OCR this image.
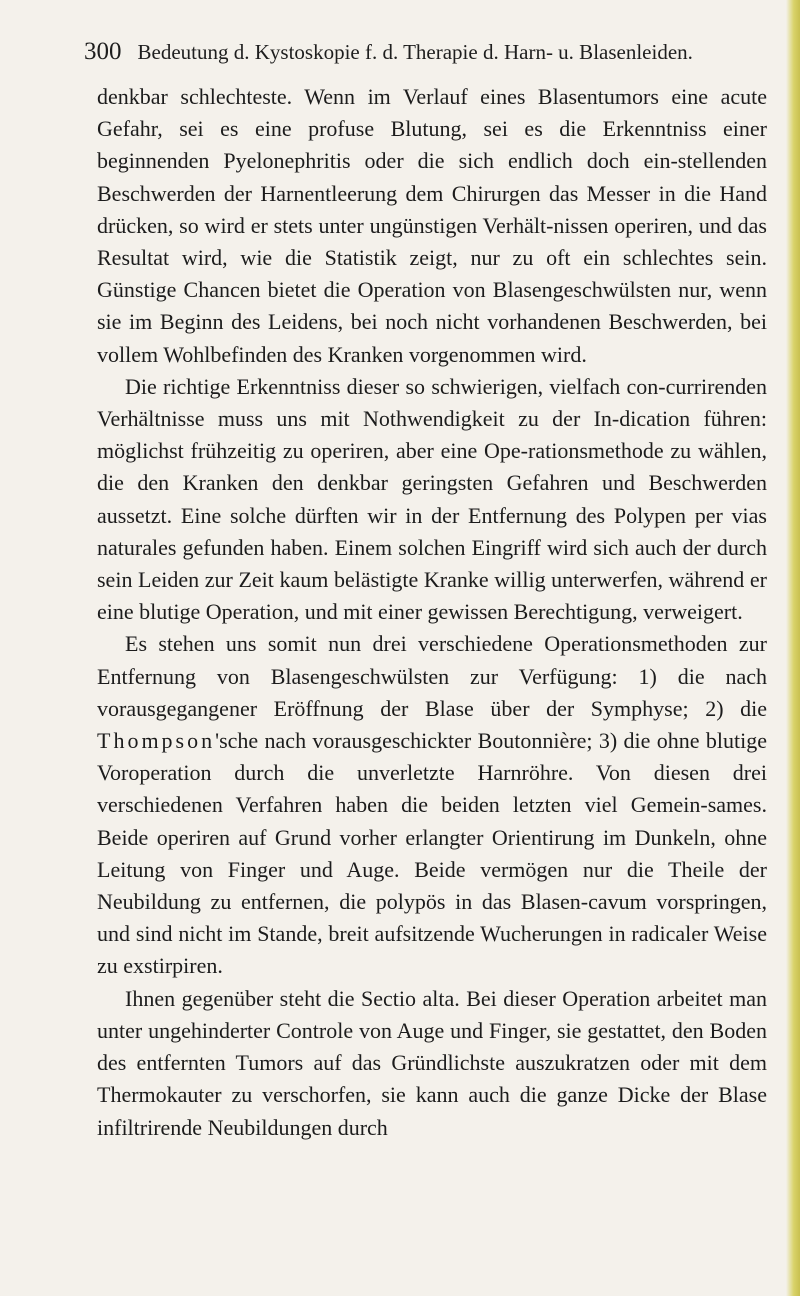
300 Bedeutung d. Kystoskopie f. d. Therapie d. Harn- u. Blasenleiden.

denkbar schlechteste. Wenn im Verlauf eines Blasentumors eine acute Gefahr, sei es eine profuse Blutung, sei es die Erkenntniss einer beginnenden Pyelonephritis oder die sich endlich doch ein-stellenden Beschwerden der Harnentleerung dem Chirurgen das Messer in die Hand drücken, so wird er stets unter ungünstigen Verhält-nissen operiren, und das Resultat wird, wie die Statistik zeigt, nur zu oft ein schlechtes sein. Günstige Chancen bietet die Operation von Blasengeschwülsten nur, wenn sie im Beginn des Leidens, bei noch nicht vorhandenen Beschwerden, bei vollem Wohlbefinden des Kranken vorgenommen wird.

Die richtige Erkenntniss dieser so schwierigen, vielfach con-currirenden Verhältnisse muss uns mit Nothwendigkeit zu der In-dication führen: möglichst frühzeitig zu operiren, aber eine Ope-rationsmethode zu wählen, die den Kranken den denkbar geringsten Gefahren und Beschwerden aussetzt. Eine solche dürften wir in der Entfernung des Polypen per vias naturales gefunden haben. Einem solchen Eingriff wird sich auch der durch sein Leiden zur Zeit kaum belästigte Kranke willig unterwerfen, während er eine blutige Operation, und mit einer gewissen Berechtigung, verweigert.

Es stehen uns somit nun drei verschiedene Operationsmethoden zur Entfernung von Blasengeschwülsten zur Verfügung: 1) die nach vorausgegangener Eröffnung der Blase über der Symphyse; 2) die Thompson'sche nach vorausgeschickter Boutonnière; 3) die ohne blutige Voroperation durch die unverletzte Harnröhre. Von diesen drei verschiedenen Verfahren haben die beiden letzten viel Gemein-sames. Beide operiren auf Grund vorher erlangter Orientirung im Dunkeln, ohne Leitung von Finger und Auge. Beide vermögen nur die Theile der Neubildung zu entfernen, die polypös in das Blasen-cavum vorspringen, und sind nicht im Stande, breit aufsitzende Wucherungen in radicaler Weise zu exstirpiren.

Ihnen gegenüber steht die Sectio alta. Bei dieser Operation arbeitet man unter ungehinderter Controle von Auge und Finger, sie gestattet, den Boden des entfernten Tumors auf das Gründlichste auszukratzen oder mit dem Thermokauter zu verschorfen, sie kann auch die ganze Dicke der Blase infiltrirende Neubildungen durch
